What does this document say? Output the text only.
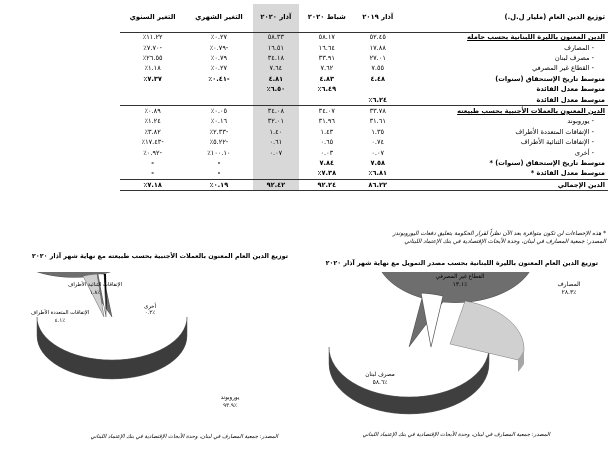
توزيع الدين العام (مليار ل.ل.)	آذار ٢٠١٩	شباط ٢٠٢٠	آذار ٢٠٢٠	التغير الشهري	التغير السنوي
الدين المعنون بالليرة اللبنانية بحسب حامله	٥٢.٤٥	٥٨.١٧	٥٨.٣٣	٠.٢٧٪	١١.٢٢٪
- المصارف	١٧.٨٨	١٦.٦٤	١٦.٥١	-٠.٧٩٪	-٧.٧٠٪
- مصرف لبنان	٢٧.٠١	٣٣.٩١	٣٤.١٨	٠.٧٩٪	٢٦.٥٥٪
- القطاع غير المصرفي	٧.٥٥	٧.٦٢	٧.٦٤	٠.٢٧٪	١.١٨٪
متوسط تاريخ الإستحقاق (سنوات)	٤.٤٨	٤.٨٣	٤.٨١	-٠.٤١٪	٧.٣٧٪
متوسط معدل الفائدة		٦.٤٩٪	٦.٥٠٪		
متوسط معدل الفائدة	٦.٢٤٪				
الدين المعنون بالعملات الأجنبية بحسب طبيعته	٣٣.٧٨	٣٤.٠٧	٣٤.٠٨	٠.٠٥٪	٠.٨٩٪
- يوروبوند	٣١.٦١	٣١.٩٦	٣٢.٠١	٠.١٦٪	١.٢٤٪
- الإتفاقات المتعددة الأطراف	١.٣٥	١.٤٣	١.٤٠	-٢.٣٣٪	٣.٨٢٪
- الإتفاقات الثنائية الأطراف	٠.٧٤	٠.٦٥	٠.٦١	-٥.٢٢٪	-١٧.٤٣٪
- أخرى	٠.٠٧	٠.٠٣	٠.٠٧	١٠٠.١٠٪	-٠.٩٢٪
متوسط تاريخ الإستحقاق (سنوات) *	٧.٥٨	٧.٨٤		-	-
متوسط معدل الفائدة *	٦.٨١٪	٧.٣٨٪		-	-
الدين الإجمالي	٨٦.٢٢	٩٢.٢٤	٩٢.٤٢	٠.١٩٪	٧.١٨٪
* هذه الإحصاءات لن تكون متوافرة بعد الآن نظراً لقرار الحكومة بتعليق دفعات اليوروبوندز
المصدر: جمعية المصارف في لبنان، وحدة الأبحاث الإقتصادية في بنك الإعتماد اللبناني
توزيع الدين العام المعنون بالليرة اللبنانية بحسب مصدر التمويل مع نهاية شهر آذار ٢٠٢٠
المصارف
٢٨.٣٪
القطاع غير المصرفي
١٣.١٪
مصرف لبنان
٥٨.٦٪
المصدر: جمعية المصارف في لبنان، وحدة الأبحاث الإقتصادية في بنك الإعتماد اللبناني
توزيع الدين العام المعنون بالعملات الأجنبية بحسب طبيعته مع نهاية شهر آذار ٢٠٢٠
الإتفاقات الثنائية الأطراف
١.٨٪
أخرى
٠.٢٪
الإتفاقات المتعددة الأطراف
٤.١٪
يوروبوند
٩٣.٩٪
المصدر: جمعية المصارف في لبنان، وحدة الأبحاث الإقتصادية في بنك الإعتماد اللبناني
